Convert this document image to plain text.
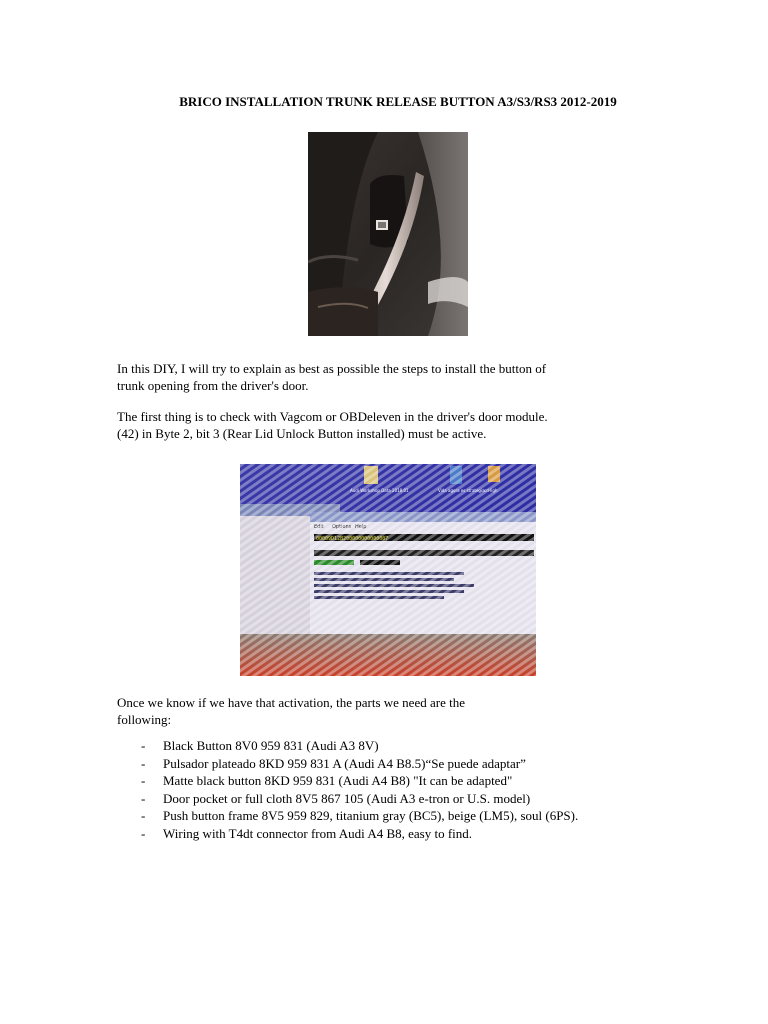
BRICO INSTALLATION TRUNK RELEASE BUTTON A3/S3/RS3 2012-2019

In this DIY, I will try to explain as best as possible the steps to install the button of
trunk opening from the driver's door.

The first thing is to check with Vagcom or OBDeleven in the driver's door module.
(42) in Byte 2, bit 3 (Rear Lid Unlock Button installed) must be active.

Once we know if we have that activation, the parts we need are the
following:

- Black Button 8V0 959 831 (Audi A3 8V)
- Pulsador plateado 8KD 959 831 A (Audi A4 B8.5)“Se puede adaptar”
- Matte black button 8KD 959 831 (Audi A4 B8) "It can be adapted"
- Door pocket or full cloth 8V5 867 105 (Audi A3 e-tron or U.S. model)
- Push button frame 8V5 959 829, titanium gray (BC5), beige (LM5), soul (6PS).
- Wiring with T4dt connector from Audi A4 B8, easy to find.
